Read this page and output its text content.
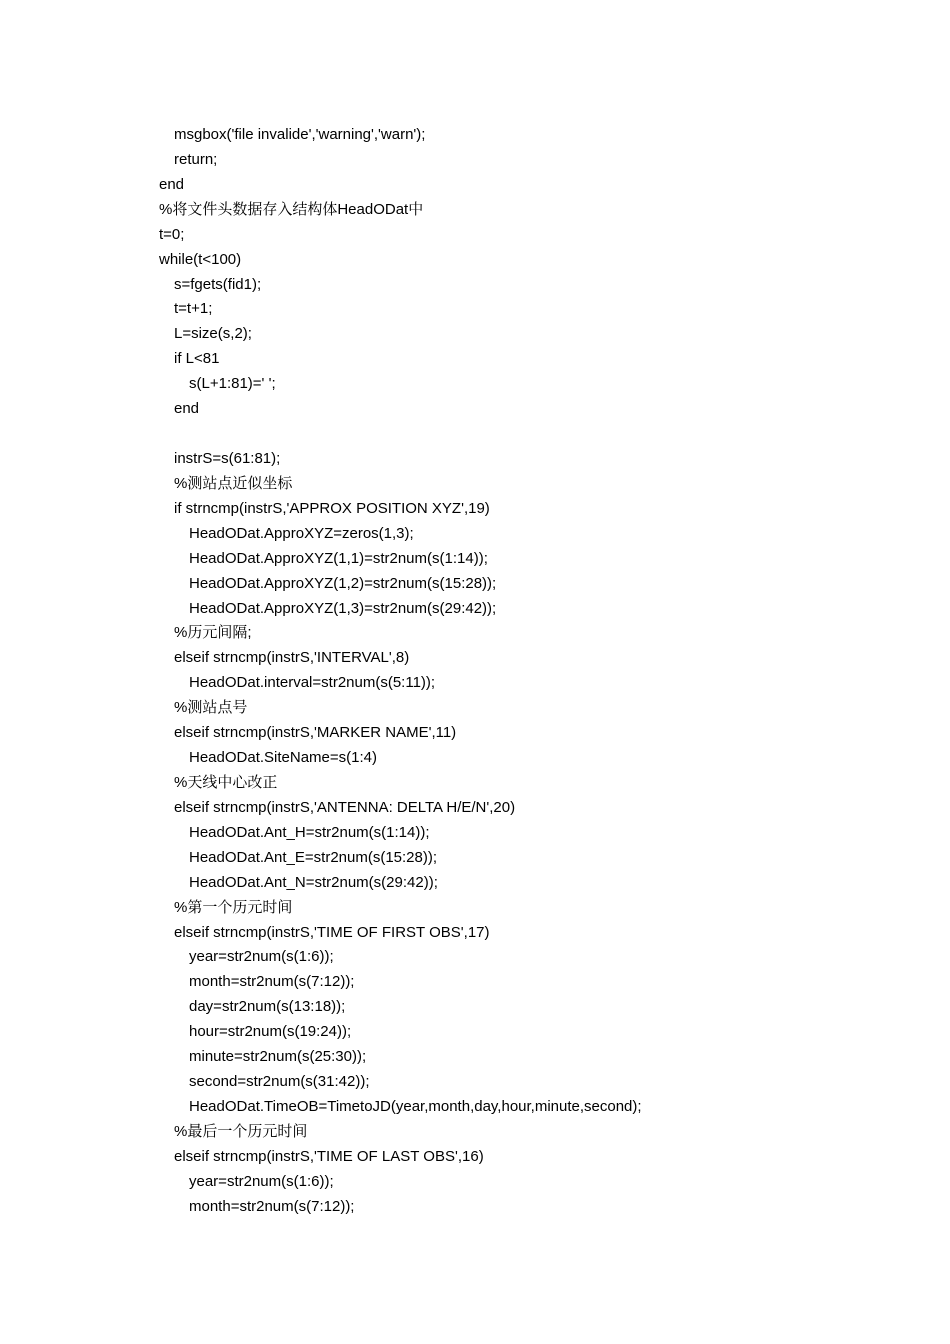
msgbox('file invalide','warning','warn');
return;
end
%将文件头数据存入结构体HeadODat中
t=0;
while(t<100)
s=fgets(fid1);
t=t+1;
L=size(s,2);
if L<81
s(L+1:81)=' ';
end
instrS=s(61:81);
%测站点近似坐标
if strncmp(instrS,'APPROX POSITION XYZ',19)
HeadODat.ApproXYZ=zeros(1,3);
HeadODat.ApproXYZ(1,1)=str2num(s(1:14));
HeadODat.ApproXYZ(1,2)=str2num(s(15:28));
HeadODat.ApproXYZ(1,3)=str2num(s(29:42));
%历元间隔;
elseif strncmp(instrS,'INTERVAL',8)
HeadODat.interval=str2num(s(5:11));
%测站点号
elseif strncmp(instrS,'MARKER NAME',11)
HeadODat.SiteName=s(1:4)
%天线中心改正
elseif strncmp(instrS,'ANTENNA: DELTA H/E/N',20)
HeadODat.Ant_H=str2num(s(1:14));
HeadODat.Ant_E=str2num(s(15:28));
HeadODat.Ant_N=str2num(s(29:42));
%第一个历元时间
elseif strncmp(instrS,'TIME OF FIRST OBS',17)
year=str2num(s(1:6));
month=str2num(s(7:12));
day=str2num(s(13:18));
hour=str2num(s(19:24));
minute=str2num(s(25:30));
second=str2num(s(31:42));
HeadODat.TimeOB=TimetoJD(year,month,day,hour,minute,second);
%最后一个历元时间
elseif strncmp(instrS,'TIME OF LAST OBS',16)
year=str2num(s(1:6));
month=str2num(s(7:12));
